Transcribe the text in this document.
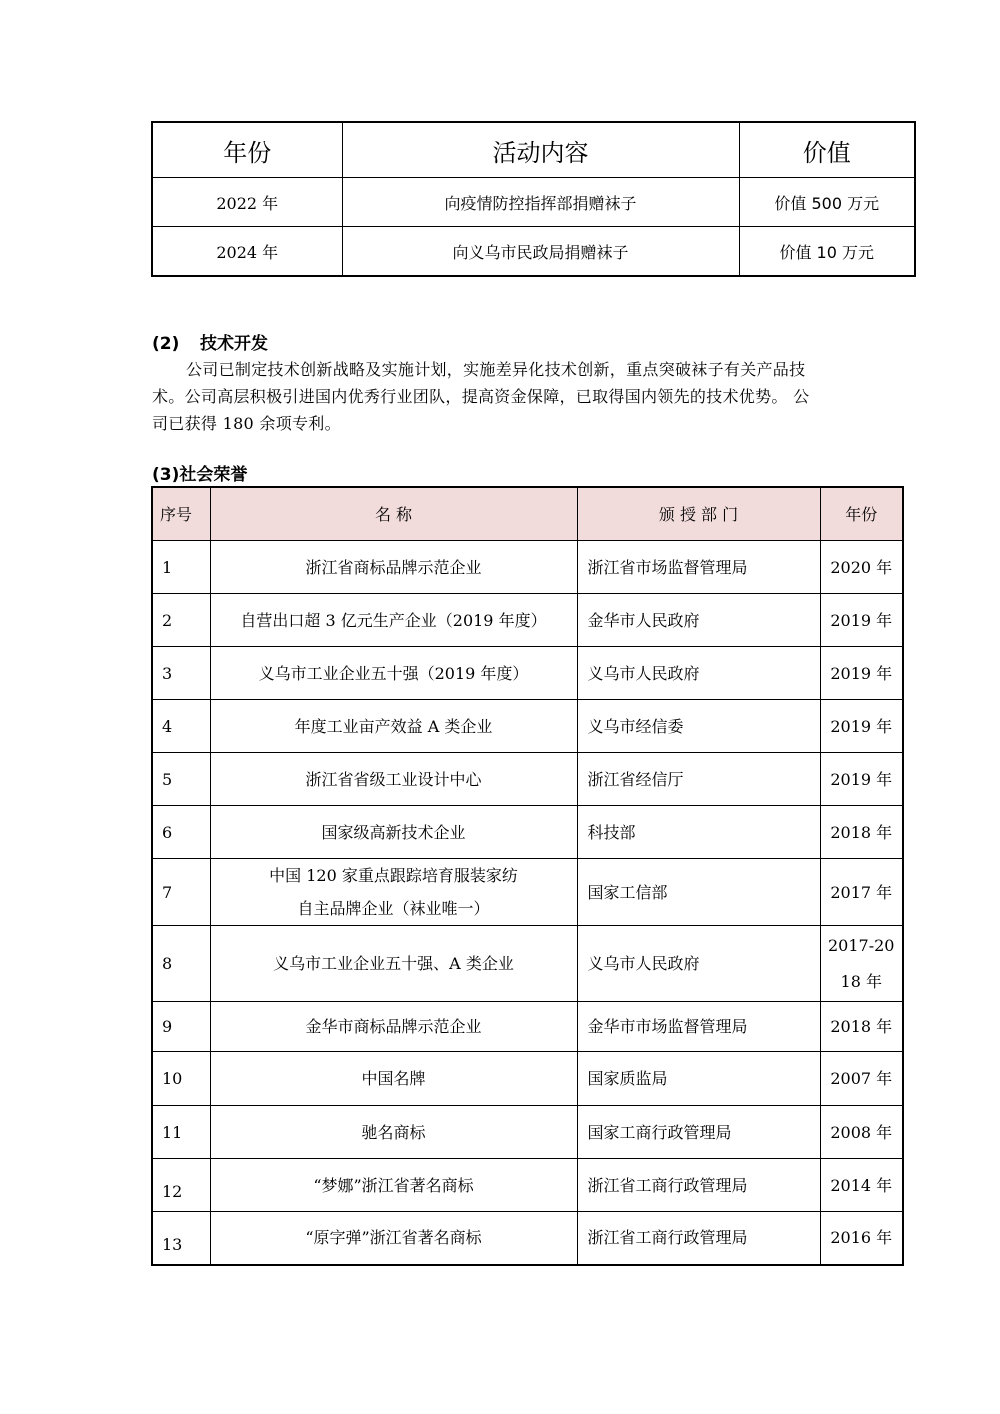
年份	活动内容	价值
2022 年	向疫情防控指挥部捐赠袜子	价值 500 万元
2024 年	向义乌市民政局捐赠袜子	价值 10 万元
(2) 技术开发
公司已制定技术创新战略及实施计划，实施差异化技术创新，重点突破袜子有关产品技
术。公司高层积极引进国内优秀行业团队，提高资金保障，已取得国内领先的技术优势。 公
司已获得 180 余项专利。
(3)社会荣誉
序号	名 称	颁 授 部 门	年份
1	浙江省商标品牌示范企业	浙江省市场监督管理局	2020 年
2	自营出口超 3 亿元生产企业（2019 年度）	金华市人民政府	2019 年
3	义乌市工业企业五十强（2019 年度）	义乌市人民政府	2019 年
4	年度工业亩产效益 A 类企业	义乌市经信委	2019 年
5	浙江省省级工业设计中心	浙江省经信厅	2019 年
6	国家级高新技术企业	科技部	2018 年
7	中国 120 家重点跟踪培育服装家纺
自主品牌企业（袜业唯一）	国家工信部	2017 年
8	义乌市工业企业五十强、A 类企业	义乌市人民政府	2017-20
18 年

9	金华市商标品牌示范企业	金华市市场监督管理局	2018 年
10	中国名牌	国家质监局	2007 年
11	驰名商标	国家工商行政管理局	2008 年
12	“梦娜”浙江省著名商标	浙江省工商行政管理局	2014 年
13	“原字弹”浙江省著名商标	浙江省工商行政管理局	2016 年
